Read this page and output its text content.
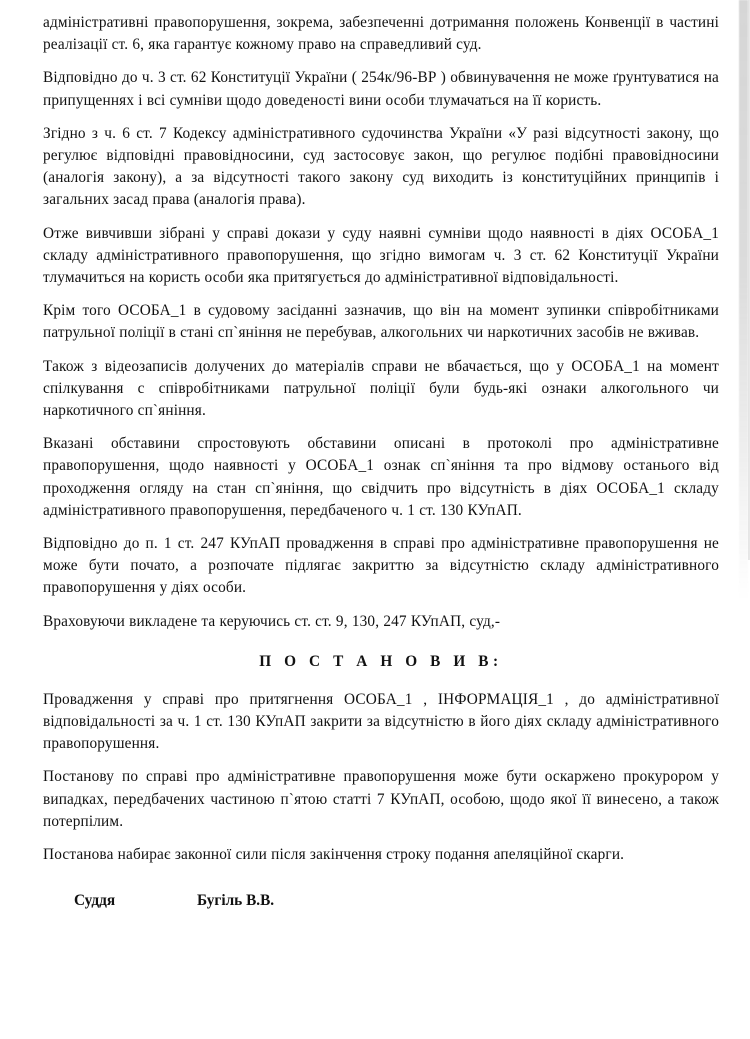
адміністративні правопорушення, зокрема, забезпеченні дотримання положень Конвенції в частині реалізації ст. 6, яка гарантує кожному право на справедливий суд.

Відповідно до ч. 3 ст. 62 Конституції України ( 254к/96-ВР ) обвинувачення не може ґрунтуватися на припущеннях і всі сумніви щодо доведеності вини особи тлумачаться на її користь.

Згідно з ч. 6 ст. 7 Кодексу адміністративного судочинства України «У разі відсутності закону, що регулює відповідні правовідносини, суд застосовує закон, що регулює подібні правовідносини (аналогія закону), а за відсутності такого закону суд виходить із конституційних принципів і загальних засад права (аналогія права).

Отже вивчивши зібрані у справі докази у суду наявні сумніви щодо наявності в діях ОСОБА_1 складу адміністративного правопорушення, що згідно вимогам ч. 3 ст. 62 Конституції України тлумачиться на користь особи яка притягується до адміністративної відповідальності.

Крім того ОСОБА_1 в судовому засіданні зазначив, що він на момент зупинки співробітниками патрульної поліції в стані сп`яніння не перебував, алкогольних чи наркотичних засобів не вживав.

Також з відеозаписів долучених до матеріалів справи не вбачається, що у ОСОБА_1 на момент спілкування с співробітниками патрульної поліції були будь-які ознаки алкогольного чи наркотичного сп`яніння.

Вказані обставини спростовують обставини описані в протоколі про адміністративне правопорушення, щодо наявності у ОСОБА_1 ознак сп`яніння та про відмову останього від проходження огляду на стан сп`яніння, що свідчить про відсутність в діях ОСОБА_1 складу адміністративного правопорушення, передбаченого ч. 1 ст. 130 КУпАП.

Відповідно до п. 1 ст. 247 КУпАП провадження в справі про адміністративне правопорушення не може бути почато, а розпочате підлягає закриттю за відсутністю складу адміністративного правопорушення у діях особи.

Враховуючи викладене та керуючись ст. ст. 9, 130, 247 КУпАП, суд,-

П О С Т А Н О В И В:

Провадження у справі про притягнення ОСОБА_1 , ІНФОРМАЦІЯ_1 , до адміністративної відповідальності за ч. 1 ст. 130 КУпАП закрити за відсутністю в його діях складу адміністративного правопорушення.

Постанову по справі про адміністративне правопорушення може бути оскаржено прокурором у випадках, передбачених частиною п`ятою статті 7 КУпАП, особою, щодо якої її винесено, а також потерпілим.

Постанова набирає законної сили після закінчення строку подання апеляційної скарги.

Суддя	Бугіль В.В.
